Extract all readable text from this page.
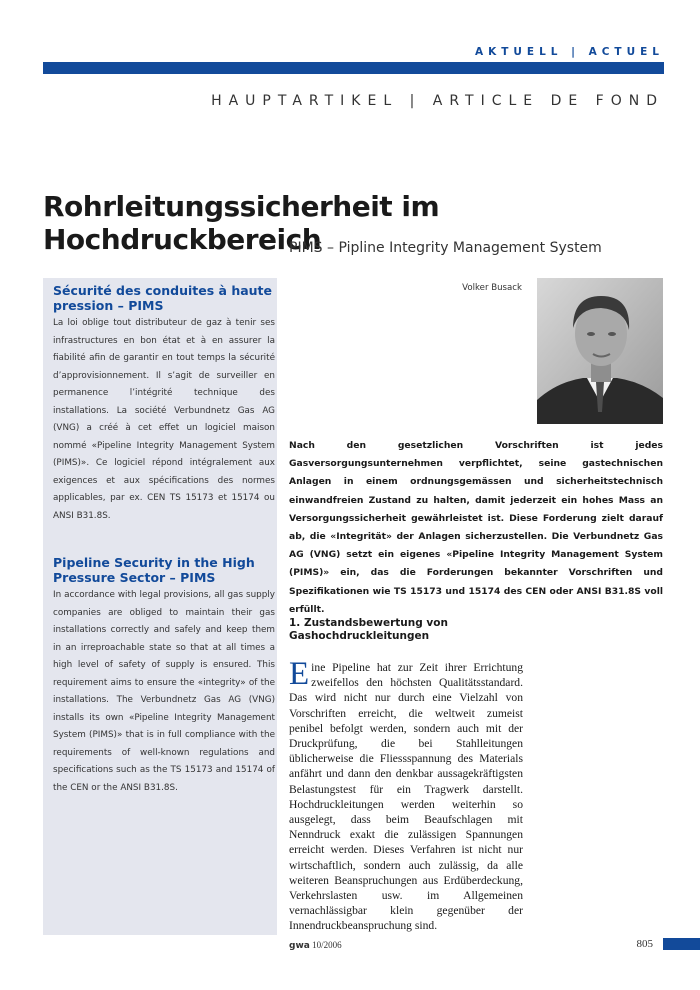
AKTUELL | ACTUEL
HAUPTARTIKEL | ARTICLE DE FOND
Rohrleitungssicherheit im Hochdruckbereich
PIMS – Pipline Integrity Management System
Sécurité des conduites à haute pression – PIMS

La loi oblige tout distributeur de gaz à tenir ses infrastructures en bon état et à en assurer la fiabilité afin de garantir en tout temps la sécurité d’approvisionnement. Il s’agit de surveiller en permanence l’intégrité technique des installations. La société Verbundnetz Gas AG (VNG) a créé à cet effet un logiciel maison nommé «Pipeline Integrity Management System (PIMS)». Ce logiciel répond intégralement aux exigences et aux spécifications des normes applicables, par ex. CEN TS 15173 et 15174 ou ANSI B31.8S.

Pipeline Security in the High Pressure Sector – PIMS

In accordance with legal provisions, all gas supply companies are obliged to maintain their gas installations correctly and safely and keep them in an irreproachable state so that at all times a high level of safety of supply is ensured. This requirement aims to ensure the «integrity» of the installations. The Verbundnetz Gas AG (VNG) installs its own «Pipeline Integrity Management System (PIMS)» that is in full compliance with the requirements of well-known regulations and specifications such as the TS 15173 and 15174 of the CEN or the ANSI B31.8S.

Volker Busack

Nach den gesetzlichen Vorschriften ist jedes Gasversorgungsunternehmen verpflichtet, seine gastechnischen Anlagen in einem ordnungsgemässen und sicherheitstechnisch einwandfreien Zustand zu halten, damit jederzeit ein hohes Mass an Versorgungssicherheit gewährleistet ist. Diese Forderung zielt darauf ab, die «Integrität» der Anlagen sicherzustellen. Die Verbundnetz Gas AG (VNG) setzt ein eigenes «Pipeline Integrity Management System (PIMS)» ein, das die Forderungen bekannter Vorschriften und Spezifikationen wie TS 15173 und 15174 des CEN oder ANSI B31.8S voll erfüllt.

1. Zustandsbewertung von Gashochdruckleitungen

Eine Pipeline hat zur Zeit ihrer Errichtung zweifellos den höchsten Qualitätsstandard. Das wird nicht nur durch eine Vielzahl von Vorschriften erreicht, die weltweit zumeist penibel befolgt werden, sondern auch mit der Druckprüfung, die bei Stahlleitungen üblicherweise die Fliessspannung des Materials anfährt und dann den denkbar aussagekräftigsten Belastungstest für ein Tragwerk darstellt. Hochdruckleitungen werden weiterhin so ausgelegt, dass beim Beaufschlagen mit Nenndruck exakt die zulässigen Spannungen erreicht werden. Dieses Verfahren ist nicht nur wirtschaftlich, sondern auch zulässig, da alle weiteren Beanspruchungen aus Erdüberdeckung, Verkehrslasten usw. im Allgemeinen vernachlässigbar klein gegenüber der Innendruckbeanspruchung sind.

gwa 10/2006	805
